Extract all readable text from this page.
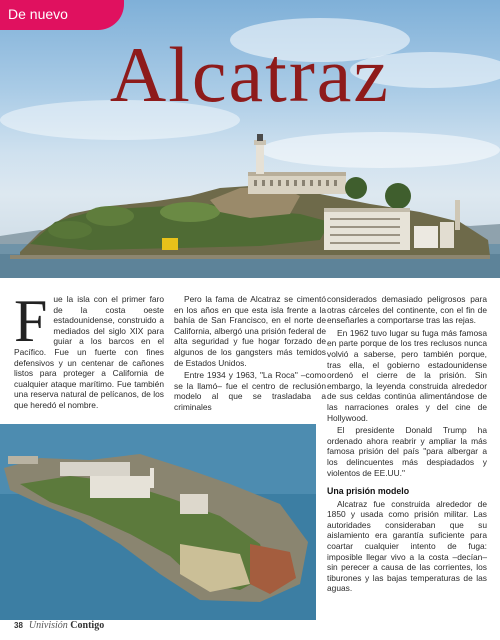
De nuevo
Alcatraz
F ue la isla con el primer faro de la costa oeste estadounidense, construido a mediados del siglo XIX para guiar a los barcos en el Pacífico. Fue un fuerte con fines defensivos y un centenar de cañones listos para proteger a California de cualquier ataque marítimo. Fue también una reserva natural de pelícanos, de los que heredó el nombre.

Pero la fama de Alcatraz se cimentó en los años en que esta isla frente a la bahía de San Francisco, en el norte de California, albergó una prisión federal de alta seguridad y fue hogar forzado de algunos de los gangsters más temidos de Estados Unidos.

Entre 1934 y 1963, "La Roca" –como se la llamó– fue el centro de reclusión modelo al que se trasladaba a criminales

considerados demasiado peligrosos para otras cárceles del continente, con el fin de enseñarles a comportarse tras las rejas.

En 1962 tuvo lugar su fuga más famosa en parte porque de los tres reclusos nunca volvió a saberse, pero también porque, tras ella, el gobierno estadounidense ordenó el cierre de la prisión. Sin embargo, la leyenda construida alrededor de sus celdas continúa alimentándose de las narraciones orales y del cine de Hollywood.

El presidente Donald Trump ha ordenado ahora reabrir y ampliar la más famosa prisión del país "para albergar a los delincuentes más despiadados y violentos de EE.UU."

Una prisión modelo

Alcatraz fue construida alrededor de 1850 y usada como prisión militar. Las autoridades consideraban que su aislamiento era garantía suficiente para coartar cualquier intento de fuga: imposible llegar vivo a la costa –decían– sin perecer a causa de las corrientes, los tiburones y las bajas temperaturas de las aguas.

38 Univisión Contigo
